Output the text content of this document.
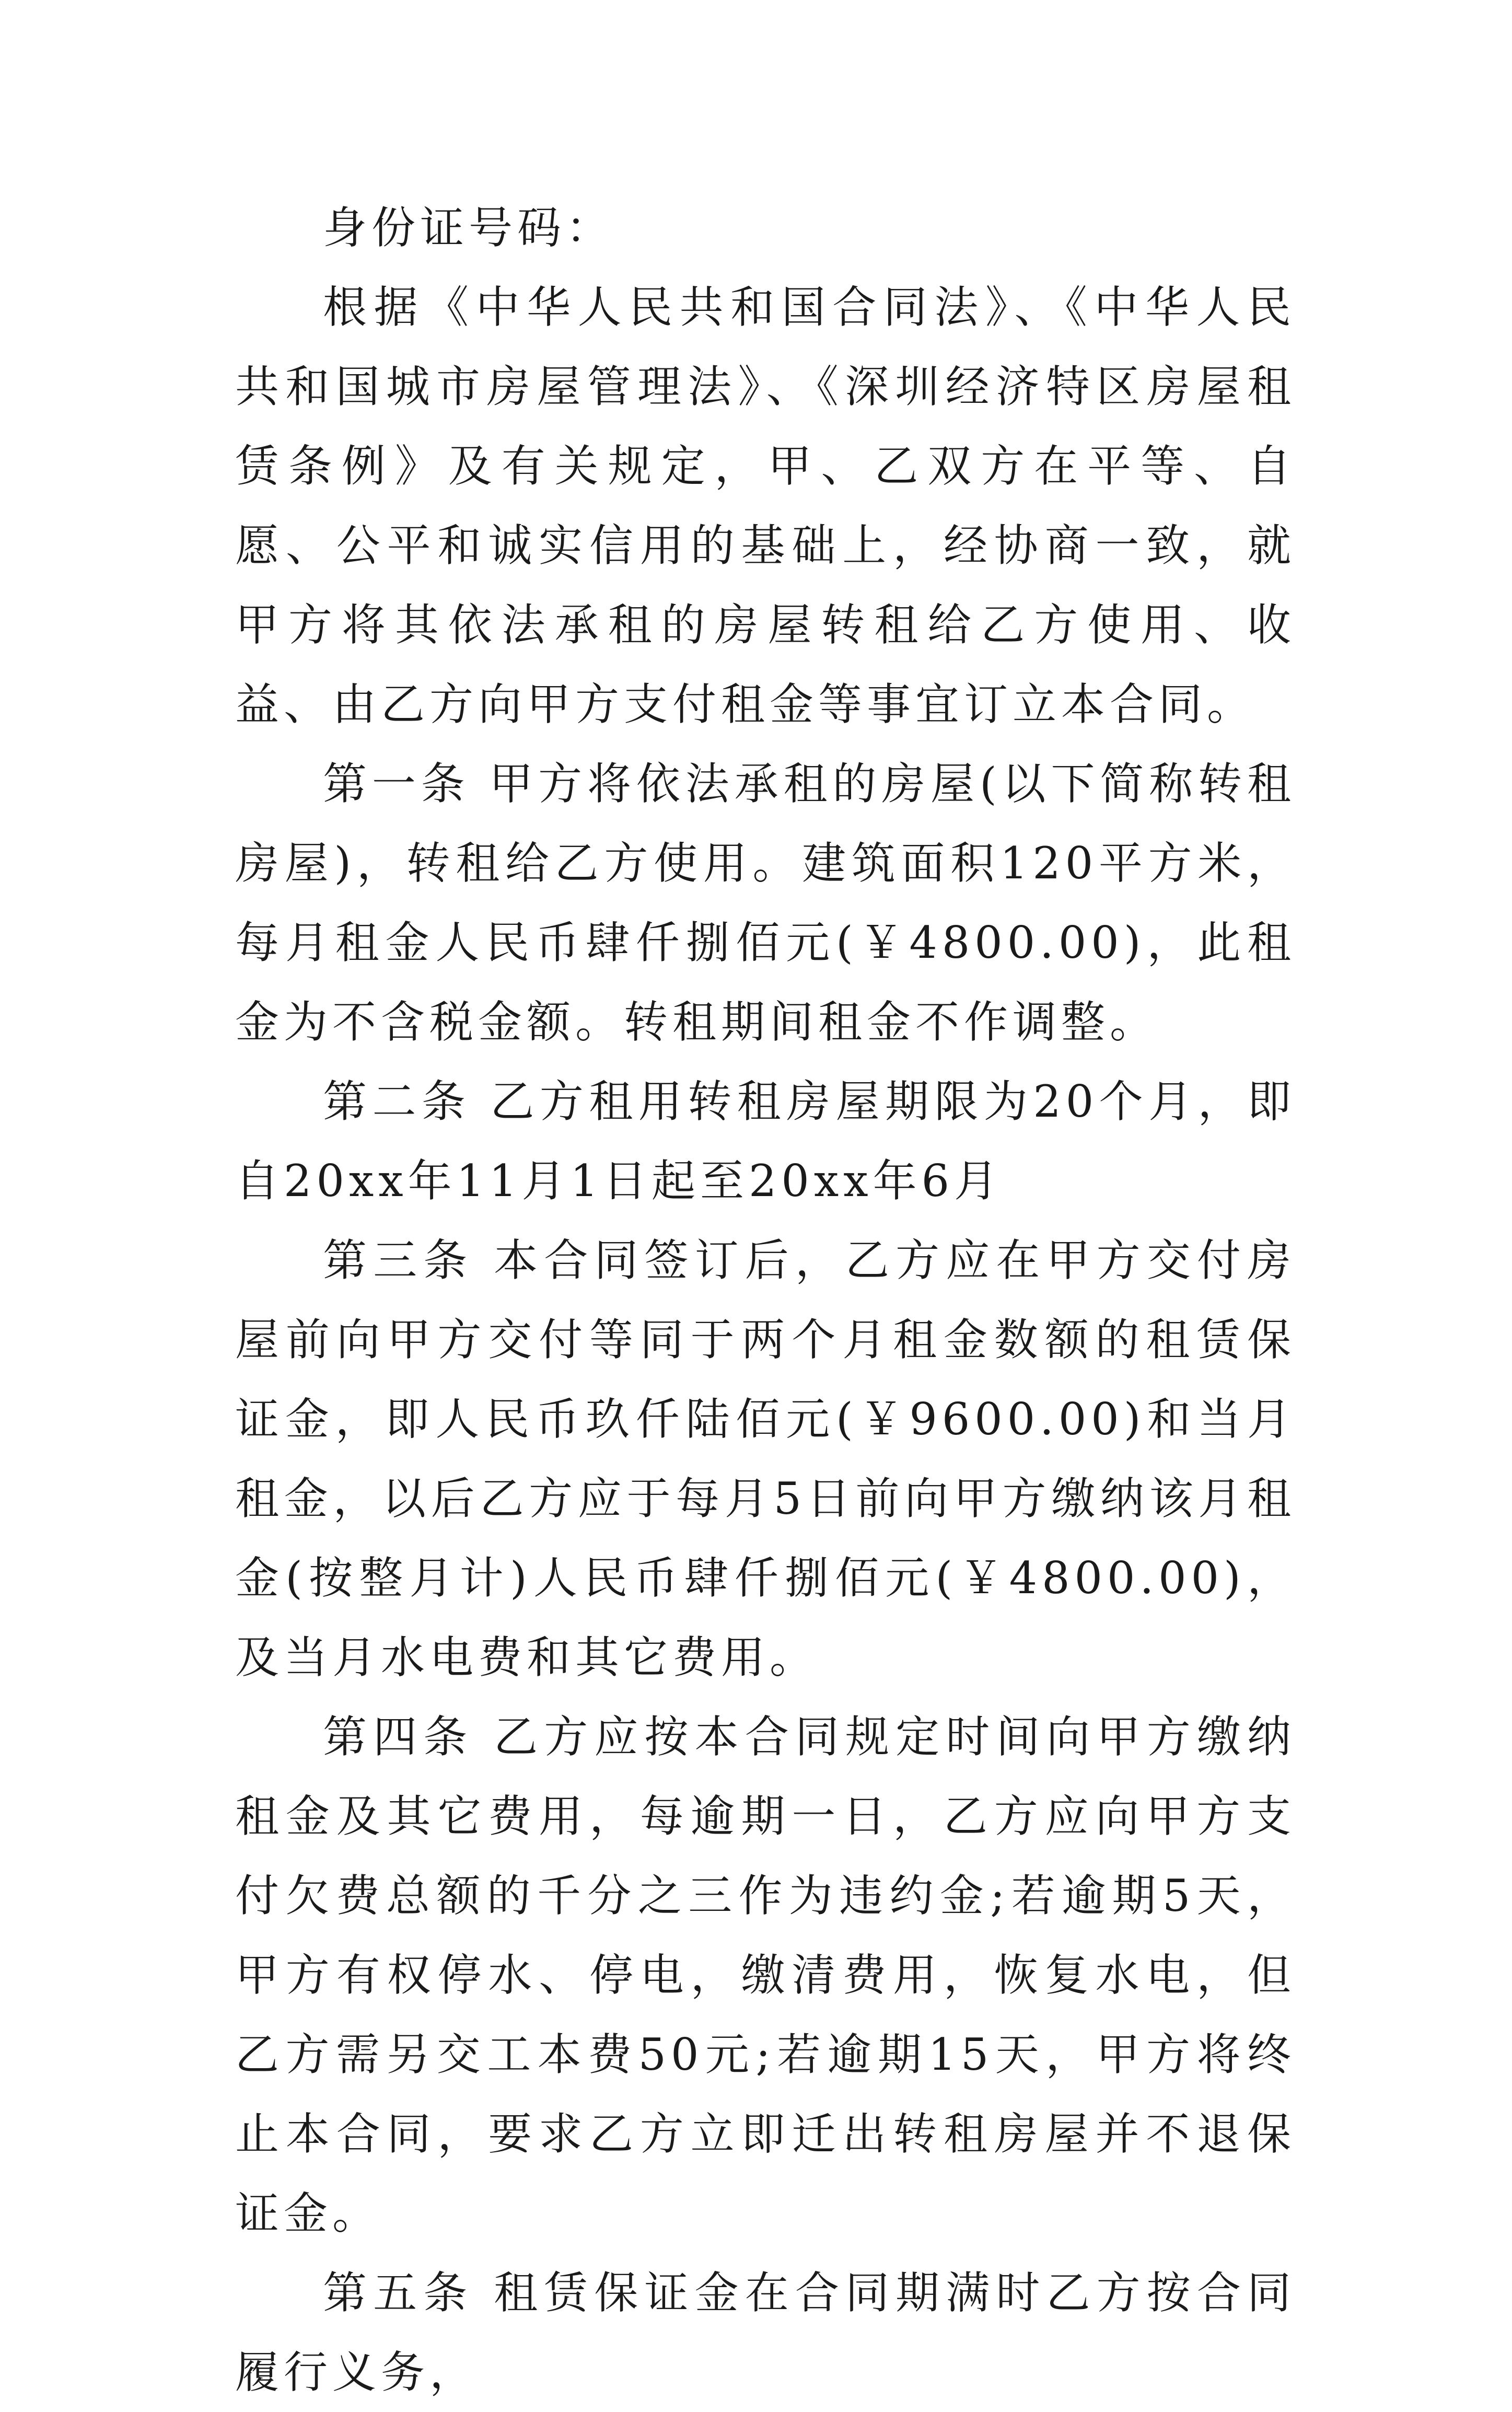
身份证号码：

根据《中华人民共和国合同法》、《中华人民共和国城市房屋管理法》、《深圳经济特区房屋租赁条例》及有关规定，甲、乙双方在平等、自愿、公平和诚实信用的基础上，经协商一致，就甲方将其依法承租的房屋转租给乙方使用、收益、由乙方向甲方支付租金等事宜订立本合同。

第一条 甲方将依法承租的房屋(以下简称转租房屋)，转租给乙方使用。建筑面积120平方米，每月租金人民币肆仟捌佰元(￥4800.00)，此租金为不含税金额。转租期间租金不作调整。

第二条 乙方租用转租房屋期限为20个月，即自20xx年11月1日起至20xx年6月

第三条 本合同签订后，乙方应在甲方交付房屋前向甲方交付等同于两个月租金数额的租赁保证金，即人民币玖仟陆佰元(￥9600.00)和当月租金，以后乙方应于每月5日前向甲方缴纳该月租金(按整月计)人民币肆仟捌佰元(￥4800.00)，及当月水电费和其它费用。

第四条 乙方应按本合同规定时间向甲方缴纳租金及其它费用，每逾期一日，乙方应向甲方支付欠费总额的千分之三作为违约金;若逾期5天，甲方有权停水、停电，缴清费用，恢复水电，但乙方需另交工本费50元;若逾期15天，甲方将终止本合同，要求乙方立即迁出转租房屋并不退保证金。

第五条 租赁保证金在合同期满时乙方按合同履行义务，
